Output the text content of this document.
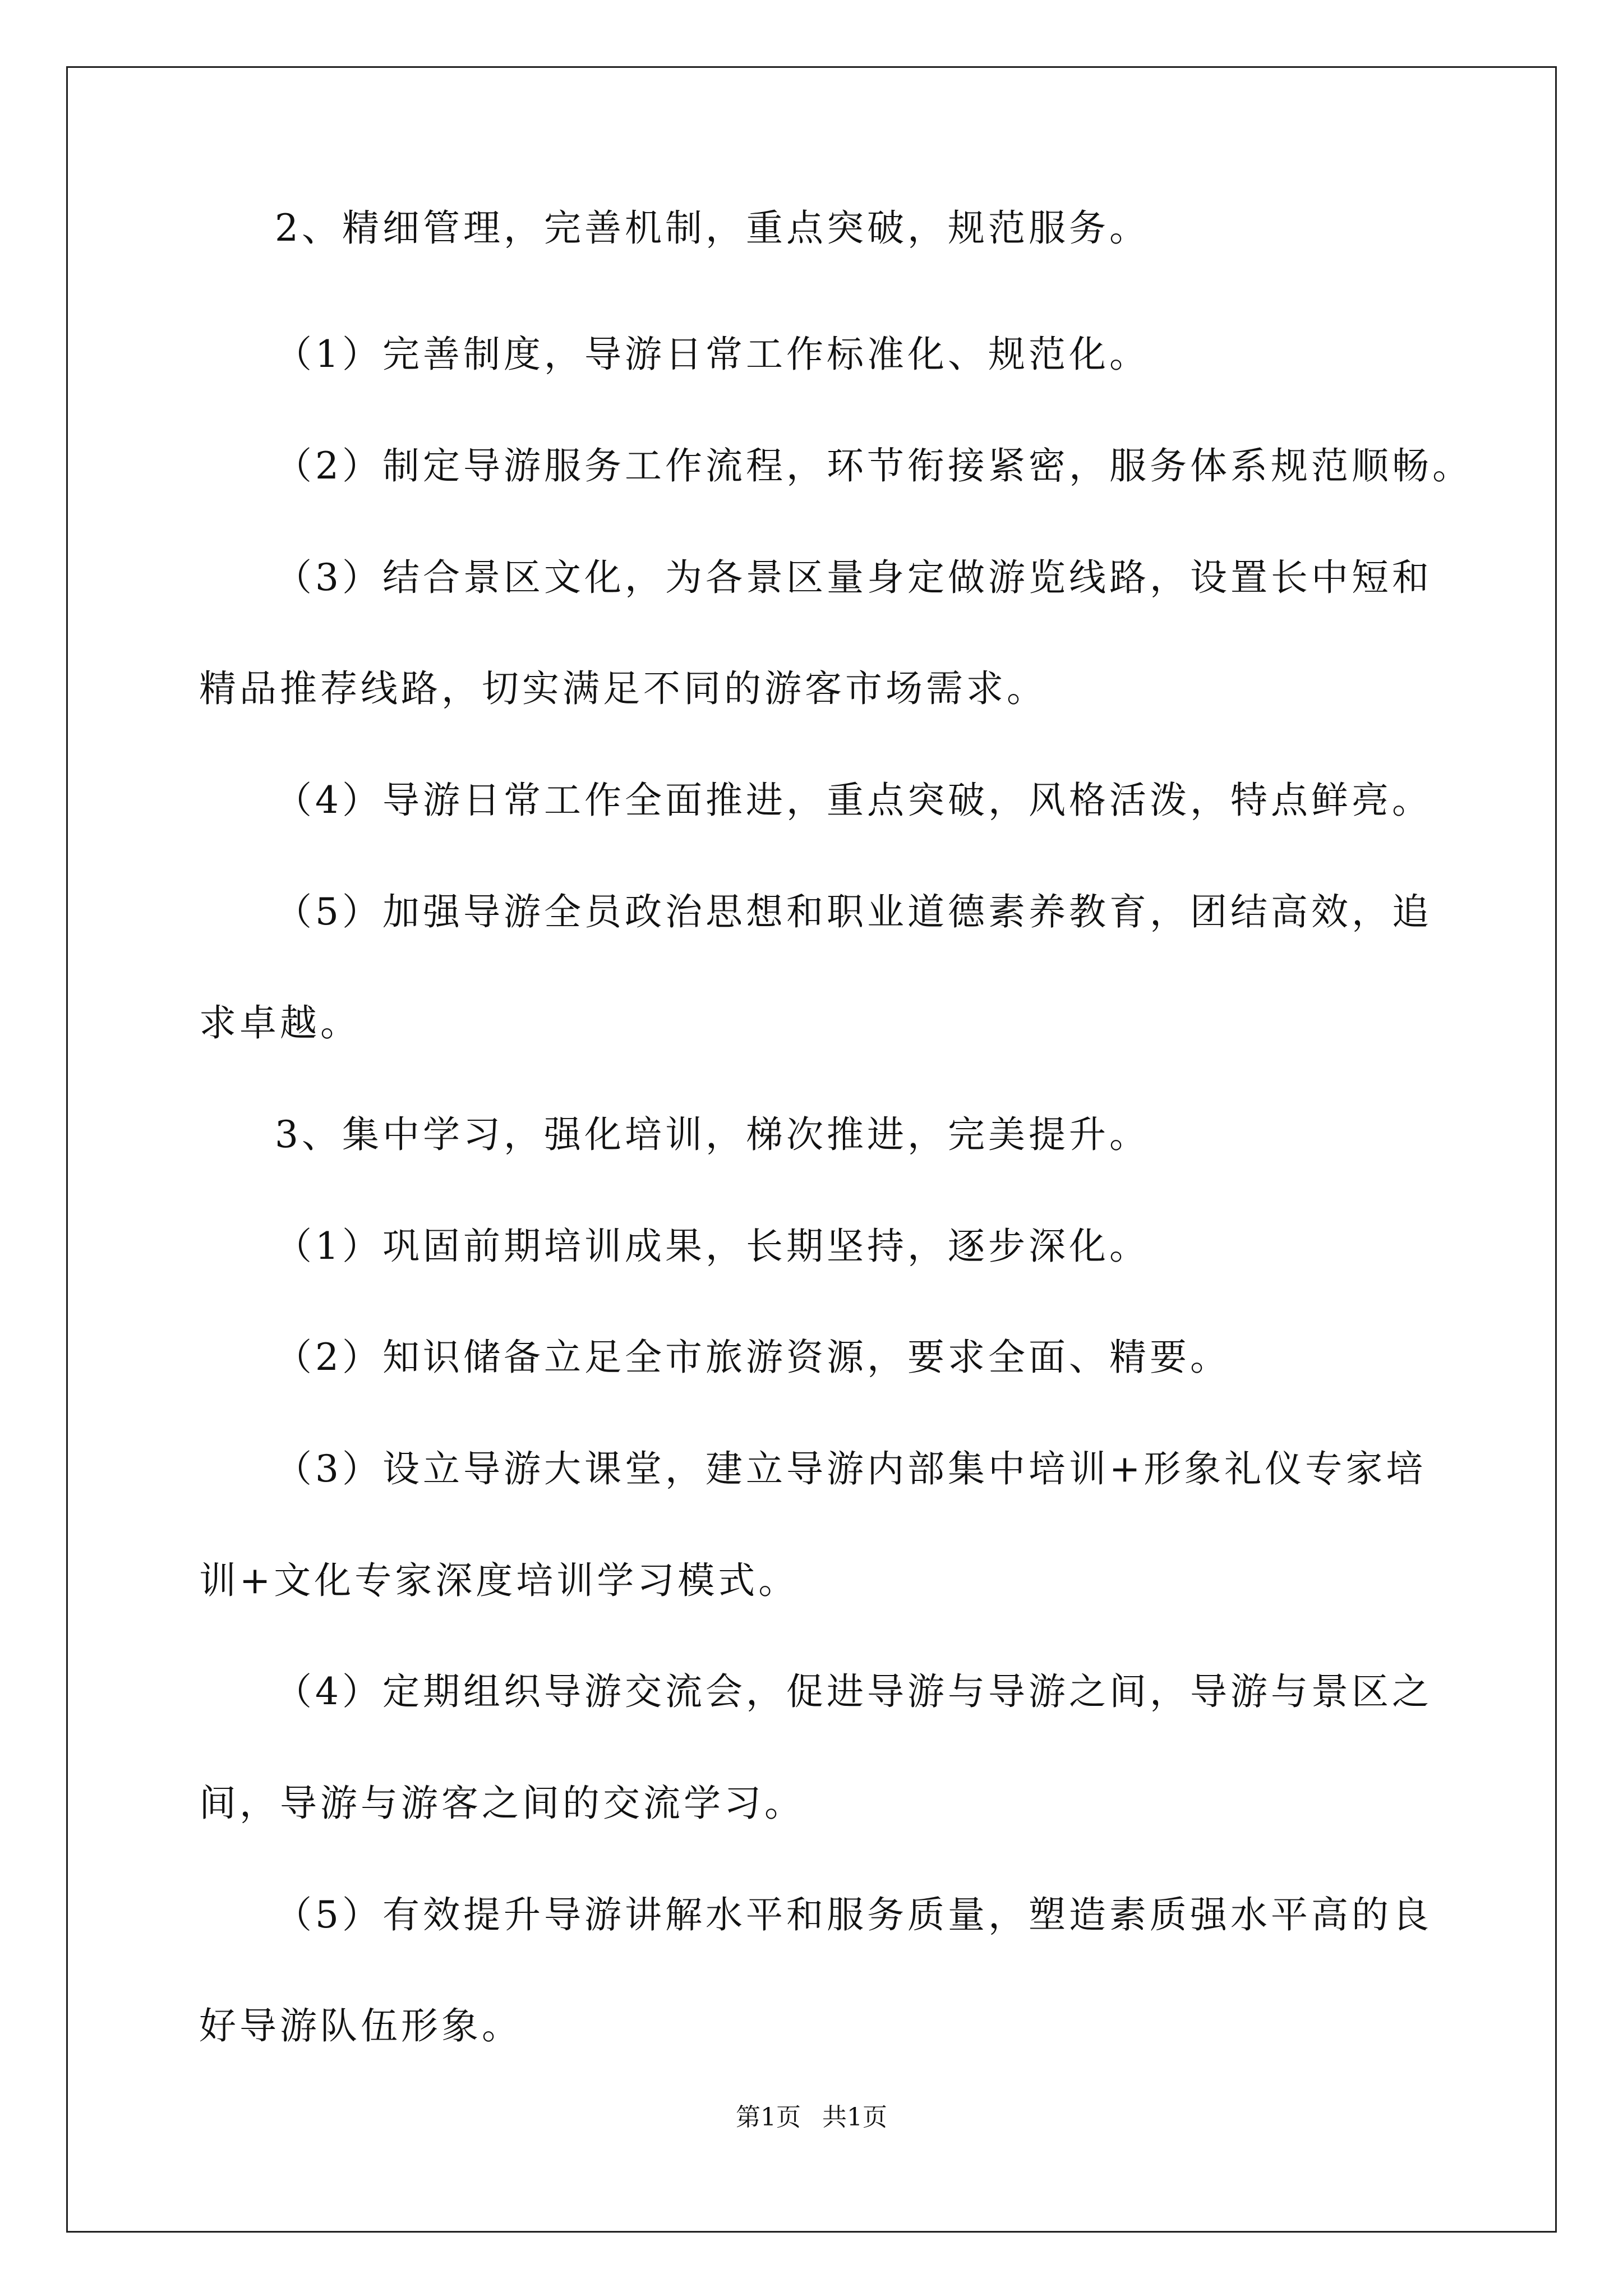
2、精细管理，完善机制，重点突破，规范服务。
（1）完善制度，导游日常工作标准化、规范化。
（2）制定导游服务工作流程，环节衔接紧密，服务体系规范顺畅。
（3）结合景区文化，为各景区量身定做游览线路，设置长中短和
精品推荐线路，切实满足不同的游客市场需求。
（4）导游日常工作全面推进，重点突破，风格活泼，特点鲜亮。
（5）加强导游全员政治思想和职业道德素养教育，团结高效，追
求卓越。
3、集中学习，强化培训，梯次推进，完美提升。
（1）巩固前期培训成果，长期坚持，逐步深化。
（2）知识储备立足全市旅游资源，要求全面、精要。
（3）设立导游大课堂，建立导游内部集中培训+形象礼仪专家培
训+文化专家深度培训学习模式。
（4）定期组织导游交流会，促进导游与导游之间，导游与景区之
间，导游与游客之间的交流学习。
（5）有效提升导游讲解水平和服务质量，塑造素质强水平高的良
好导游队伍形象。
第1页 共1页
